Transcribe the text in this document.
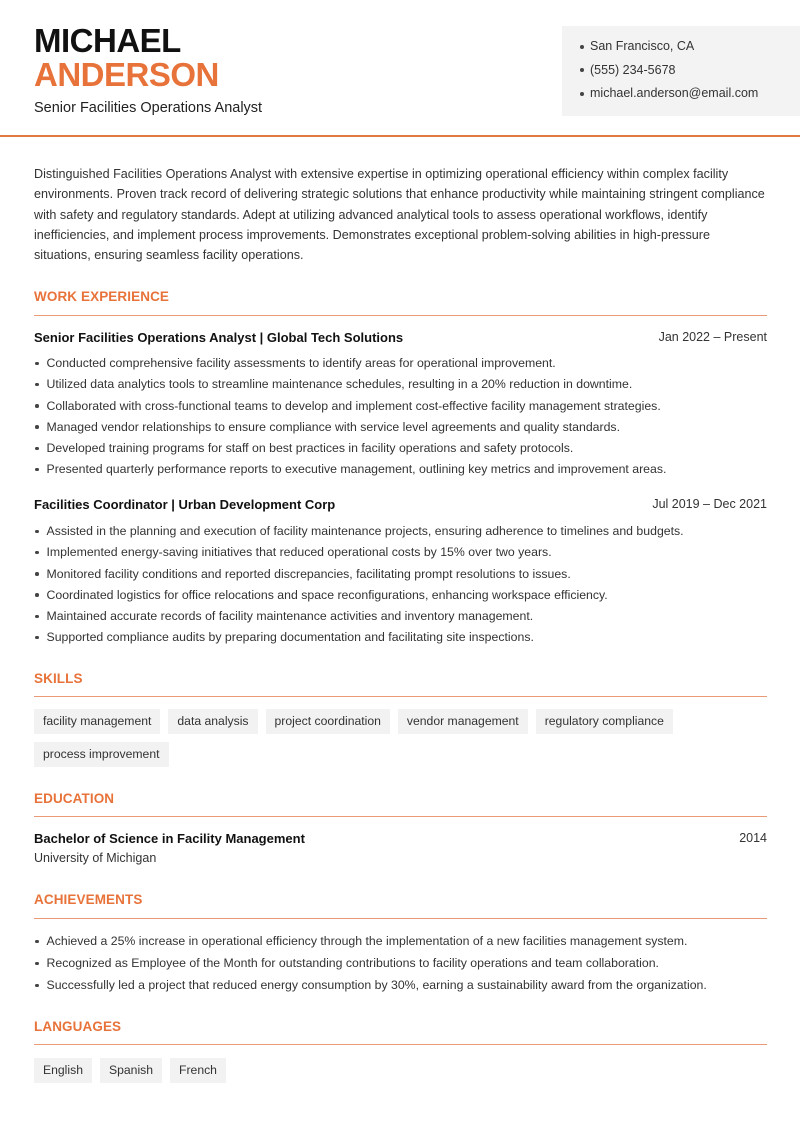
MICHAEL
ANDERSON
Senior Facilities Operations Analyst
San Francisco, CA
(555) 234-5678
michael.anderson@email.com

Distinguished Facilities Operations Analyst with extensive expertise in optimizing operational efficiency within complex facility environments. Proven track record of delivering strategic solutions that enhance productivity while maintaining stringent compliance with safety and regulatory standards. Adept at utilizing advanced analytical tools to assess operational workflows, identify inefficiencies, and implement process improvements. Demonstrates exceptional problem-solving abilities in high-pressure situations, ensuring seamless facility operations.

WORK EXPERIENCE
Senior Facilities Operations Analyst | Global Tech Solutions	Jan 2022 – Present
Conducted comprehensive facility assessments to identify areas for operational improvement.
Utilized data analytics tools to streamline maintenance schedules, resulting in a 20% reduction in downtime.
Collaborated with cross-functional teams to develop and implement cost-effective facility management strategies.
Managed vendor relationships to ensure compliance with service level agreements and quality standards.
Developed training programs for staff on best practices in facility operations and safety protocols.
Presented quarterly performance reports to executive management, outlining key metrics and improvement areas.
Facilities Coordinator | Urban Development Corp	Jul 2019 – Dec 2021
Assisted in the planning and execution of facility maintenance projects, ensuring adherence to timelines and budgets.
Implemented energy-saving initiatives that reduced operational costs by 15% over two years.
Monitored facility conditions and reported discrepancies, facilitating prompt resolutions to issues.
Coordinated logistics for office relocations and space reconfigurations, enhancing workspace efficiency.
Maintained accurate records of facility maintenance activities and inventory management.
Supported compliance audits by preparing documentation and facilitating site inspections.
SKILLS
facility management	data analysis	project coordination	vendor management	regulatory compliance
process improvement
EDUCATION
Bachelor of Science in Facility Management	2014
University of Michigan
ACHIEVEMENTS
Achieved a 25% increase in operational efficiency through the implementation of a new facilities management system.
Recognized as Employee of the Month for outstanding contributions to facility operations and team collaboration.
Successfully led a project that reduced energy consumption by 30%, earning a sustainability award from the organization.
LANGUAGES
English	Spanish	French
